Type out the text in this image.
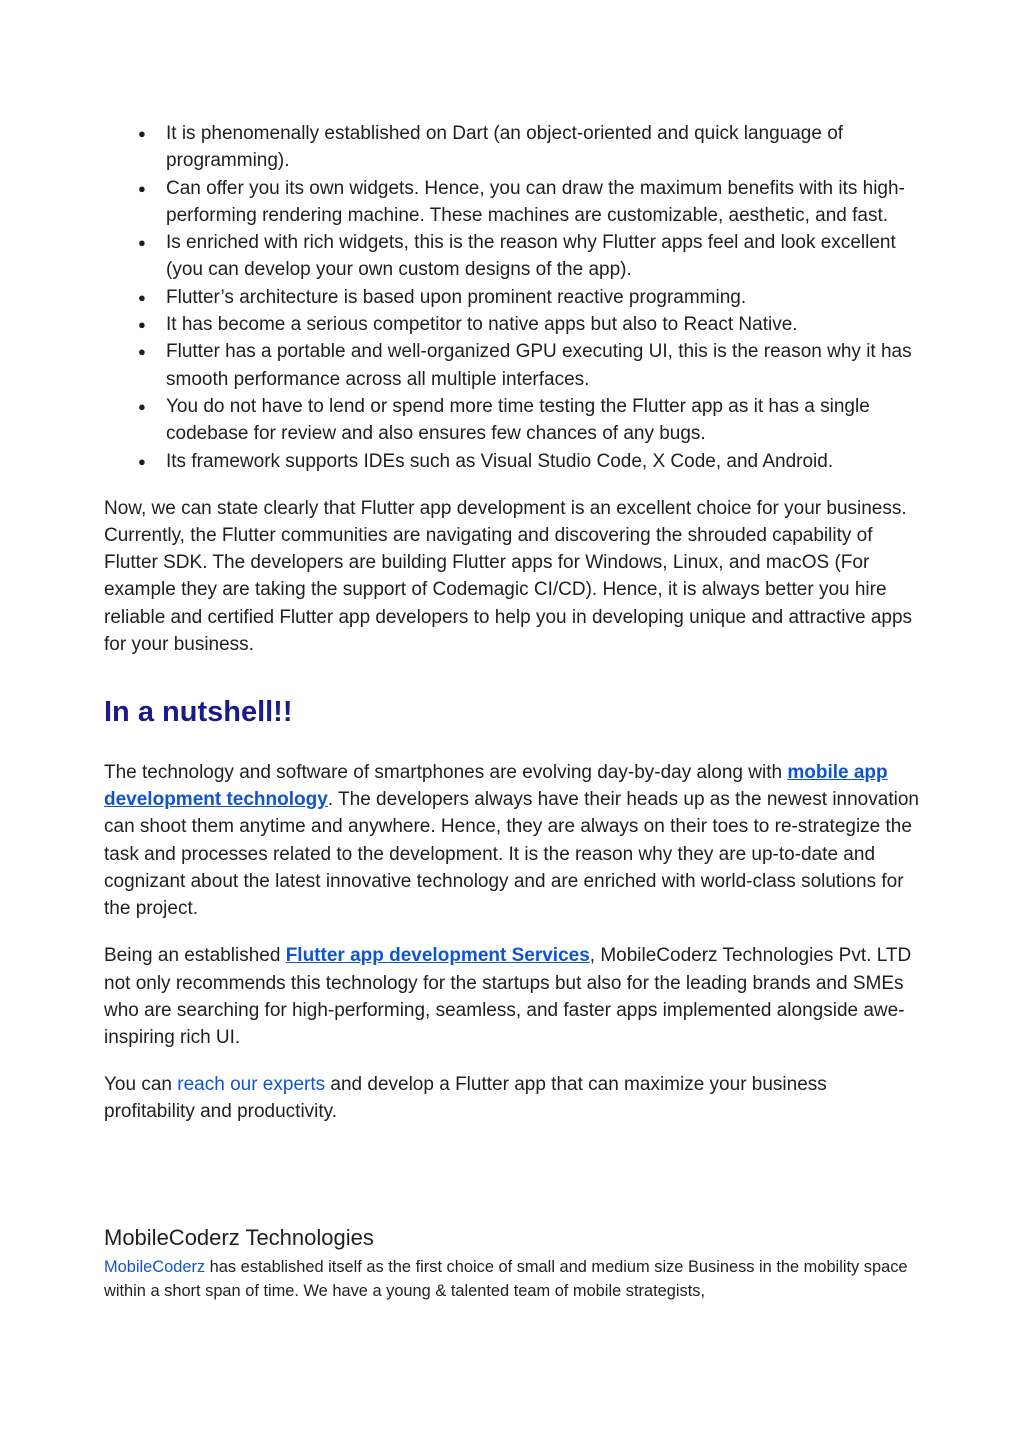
● It is phenomenally established on Dart (an object-oriented and quick language of programming).
● Can offer you its own widgets. Hence, you can draw the maximum benefits with its high-performing rendering machine. These machines are customizable, aesthetic, and fast.
● Is enriched with rich widgets, this is the reason why Flutter apps feel and look excellent (you can develop your own custom designs of the app).
● Flutter’s architecture is based upon prominent reactive programming.
● It has become a serious competitor to native apps but also to React Native.
● Flutter has a portable and well-organized GPU executing UI, this is the reason why it has smooth performance across all multiple interfaces.
● You do not have to lend or spend more time testing the Flutter app as it has a single codebase for review and also ensures few chances of any bugs.
● Its framework supports IDEs such as Visual Studio Code, X Code, and Android.

Now, we can state clearly that Flutter app development is an excellent choice for your business. Currently, the Flutter communities are navigating and discovering the shrouded capability of Flutter SDK. The developers are building Flutter apps for Windows, Linux, and macOS (For example they are taking the support of Codemagic CI/CD). Hence, it is always better you hire reliable and certified Flutter app developers to help you in developing unique and attractive apps for your business.

In a nutshell!!

The technology and software of smartphones are evolving day-by-day along with mobile app development technology. The developers always have their heads up as the newest innovation can shoot them anytime and anywhere. Hence, they are always on their toes to re-strategize the task and processes related to the development. It is the reason why they are up-to-date and cognizant about the latest innovative technology and are enriched with world-class solutions for the project.

Being an established Flutter app development Services, MobileCoderz Technologies Pvt. LTD not only recommends this technology for the startups but also for the leading brands and SMEs who are searching for high-performing, seamless, and faster apps implemented alongside awe-inspiring rich UI.

You can reach our experts and develop a Flutter app that can maximize your business profitability and productivity.

MobileCoderz Technologies
MobileCoderz has established itself as the first choice of small and medium size Business in the mobility space within a short span of time. We have a young & talented team of mobile strategists,
